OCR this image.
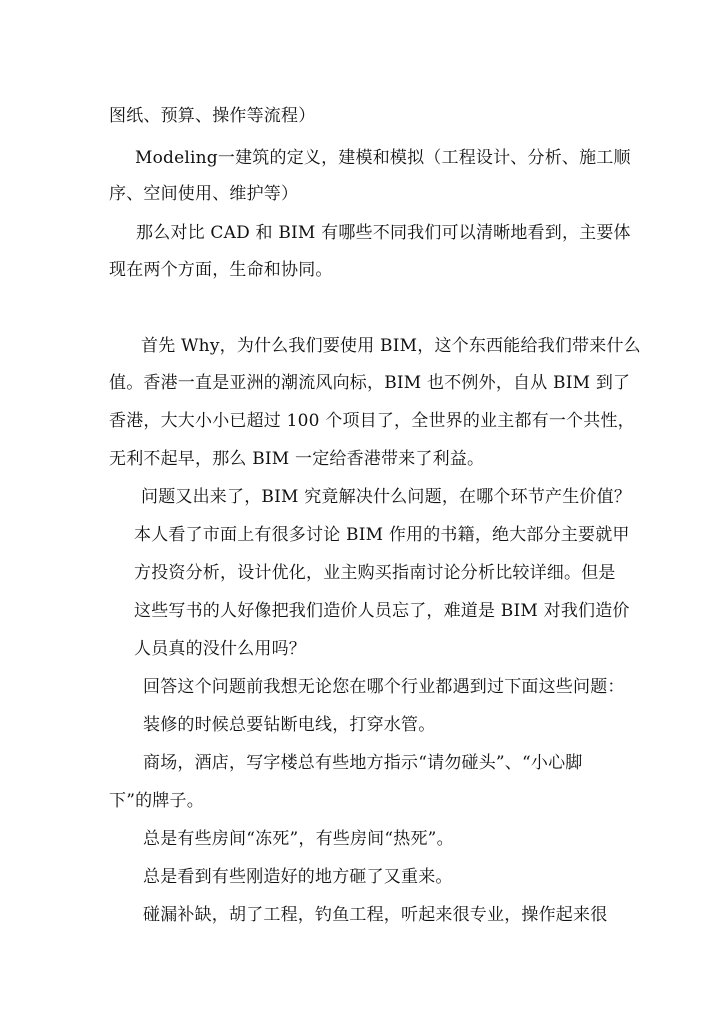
图纸、预算、操作等流程）
Modeling一建筑的定义，建模和模拟（工程设计、分析、施工顺
序、空间使用、维护等）
那么对比 CAD 和 BIM 有哪些不同我们可以清晰地看到，主要体
现在两个方面，生命和协同。
首先 Why，为什么我们要使用 BIM，这个东西能给我们带来什么
值。香港一直是亚洲的潮流风向标，BIM 也不例外，自从 BIM 到了
香港，大大小小已超过 100 个项目了，全世界的业主都有一个共性，
无利不起早，那么 BIM 一定给香港带来了利益。
问题又出来了，BIM 究竟解决什么问题，在哪个环节产生价值？
本人看了市面上有很多讨论 BIM 作用的书籍，绝大部分主要就甲
方投资分析，设计优化，业主购买指南讨论分析比较详细。但是
这些写书的人好像把我们造价人员忘了，难道是 BIM 对我们造价
人员真的没什么用吗？
回答这个问题前我想无论您在哪个行业都遇到过下面这些问题：
装修的时候总要钻断电线，打穿水管。
商场，酒店，写字楼总有些地方指示“请勿碰头”、“小心脚
下”的牌子。
总是有些房间“冻死”，有些房间“热死”。
总是看到有些刚造好的地方砸了又重来。
碰漏补缺，胡了工程，钓鱼工程，听起来很专业，操作起来很
